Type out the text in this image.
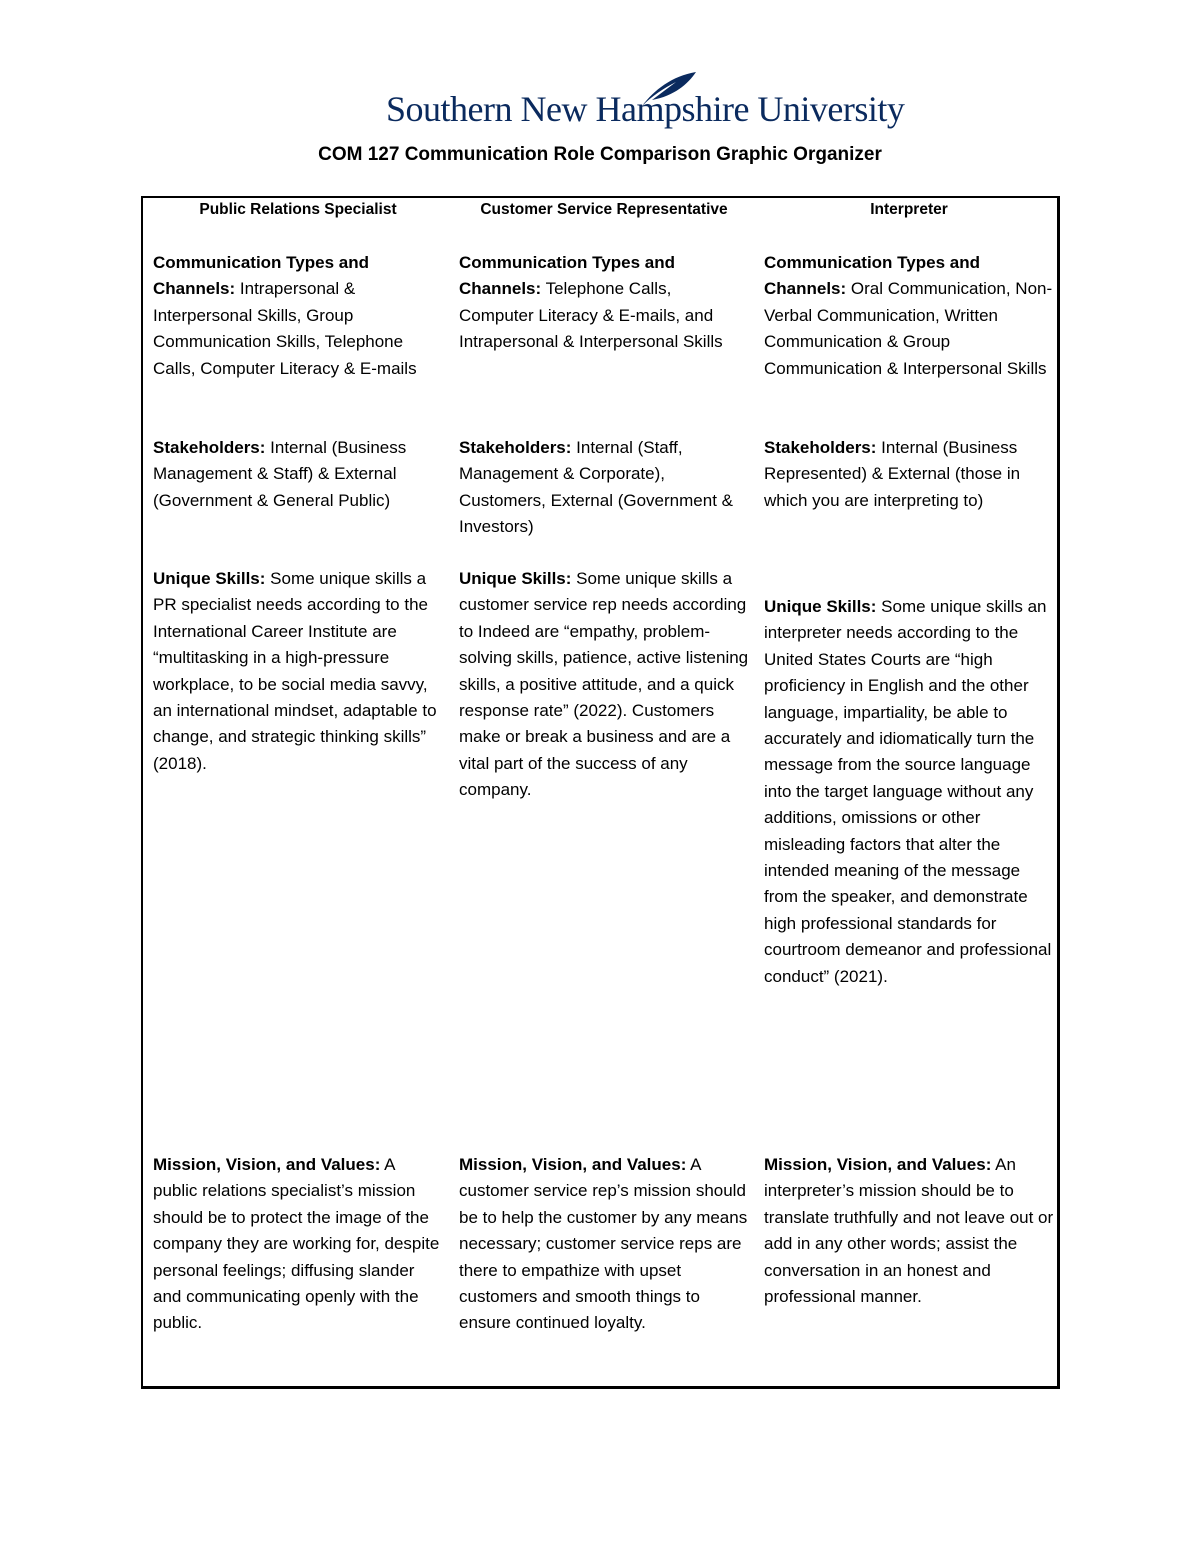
Southern New Hampshire University
COM 127 Communication Role Comparison Graphic Organizer
Public Relations Specialist
Communication Types and Channels: Intrapersonal & Interpersonal Skills, Group Communication Skills, Telephone Calls, Computer Literacy & E-mails
Stakeholders: Internal (Business Management & Staff) & External (Government & General Public)
Unique Skills: Some unique skills a PR specialist needs according to the International Career Institute are “multitasking in a high-pressure workplace, to be social media savvy, an international mindset, adaptable to change, and strategic thinking skills” (2018).
Mission, Vision, and Values: A public relations specialist’s mission should be to protect the image of the company they are working for, despite personal feelings; diffusing slander and communicating openly with the public.
Customer Service Representative
Communication Types and Channels: Telephone Calls, Computer Literacy & E-mails, and Intrapersonal & Interpersonal Skills
Stakeholders: Internal (Staff, Management & Corporate), Customers, External (Government & Investors)
Unique Skills: Some unique skills a customer service rep needs according to Indeed are “empathy, problem-solving skills, patience, active listening skills, a positive attitude, and a quick response rate” (2022). Customers make or break a business and are a vital part of the success of any company.
Mission, Vision, and Values: A customer service rep’s mission should be to help the customer by any means necessary; customer service reps are there to empathize with upset customers and smooth things to ensure continued loyalty.
Interpreter
Communication Types and Channels: Oral Communication, Non-Verbal Communication, Written Communication & Group Communication & Interpersonal Skills
Stakeholders: Internal (Business Represented) & External (those in which you are interpreting to)
Unique Skills: Some unique skills an interpreter needs according to the United States Courts are “high proficiency in English and the other language, impartiality, be able to accurately and idiomatically turn the message from the source language into the target language without any additions, omissions or other misleading factors that alter the intended meaning of the message from the speaker, and demonstrate high professional standards for courtroom demeanor and professional conduct” (2021).
Mission, Vision, and Values: An interpreter’s mission should be to translate truthfully and not leave out or add in any other words; assist the conversation in an honest and professional manner.
